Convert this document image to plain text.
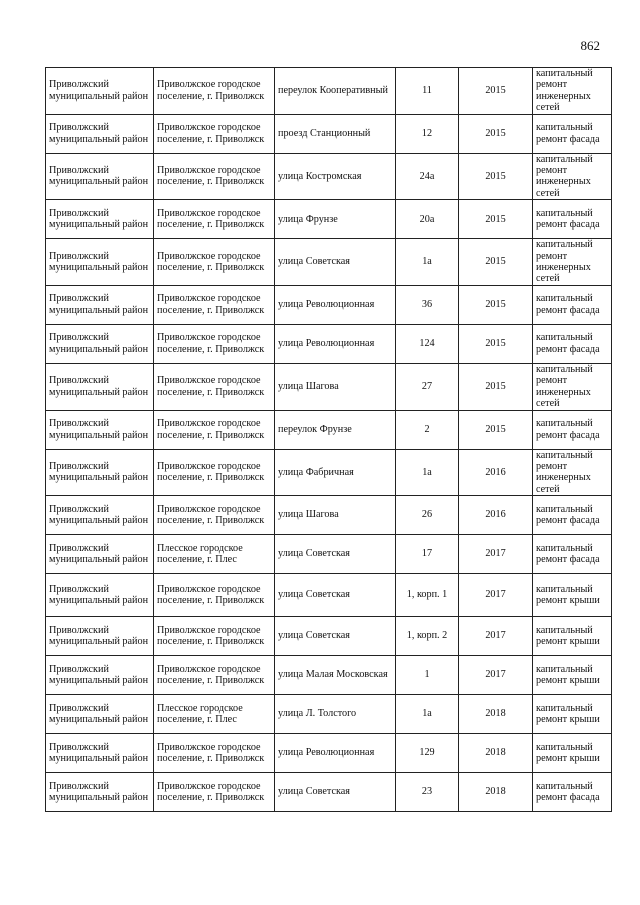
862
Приволжский муниципальный район	Приволжское городское поселение, г. Приволжск	переулок Кооперативный	11	2015	капитальный ремонт инженерных сетей
Приволжский муниципальный район	Приволжское городское поселение, г. Приволжск	проезд Станционный	12	2015	капитальный ремонт фасада
Приволжский муниципальный район	Приволжское городское поселение, г. Приволжск	улица Костромская	24а	2015	капитальный ремонт инженерных сетей
Приволжский муниципальный район	Приволжское городское поселение, г. Приволжск	улица Фрунзе	20а	2015	капитальный ремонт фасада
Приволжский муниципальный район	Приволжское городское поселение, г. Приволжск	улица Советская	1а	2015	капитальный ремонт инженерных сетей
Приволжский муниципальный район	Приволжское городское поселение, г. Приволжск	улица Революционная	36	2015	капитальный ремонт фасада
Приволжский муниципальный район	Приволжское городское поселение, г. Приволжск	улица Революционная	124	2015	капитальный ремонт фасада
Приволжский муниципальный район	Приволжское городское поселение, г. Приволжск	улица Шагова	27	2015	капитальный ремонт инженерных сетей
Приволжский муниципальный район	Приволжское городское поселение, г. Приволжск	переулок Фрунзе	2	2015	капитальный ремонт фасада
Приволжский муниципальный район	Приволжское городское поселение, г. Приволжск	улица Фабричная	1а	2016	капитальный ремонт инженерных сетей
Приволжский муниципальный район	Приволжское городское поселение, г. Приволжск	улица Шагова	26	2016	капитальный ремонт фасада
Приволжский муниципальный район	Плесское городское поселение, г. Плес	улица Советская	17	2017	капитальный ремонт фасада
Приволжский муниципальный район	Приволжское городское поселение, г. Приволжск	улица Советская	1, корп. 1	2017	капитальный ремонт крыши
Приволжский муниципальный район	Приволжское городское поселение, г. Приволжск	улица Советская	1, корп. 2	2017	капитальный ремонт крыши
Приволжский муниципальный район	Приволжское городское поселение, г. Приволжск	улица Малая Московская	1	2017	капитальный ремонт крыши
Приволжский муниципальный район	Плесское городское поселение, г. Плес	улица Л. Толстого	1а	2018	капитальный ремонт крыши
Приволжский муниципальный район	Приволжское городское поселение, г. Приволжск	улица Революционная	129	2018	капитальный ремонт крыши
Приволжский муниципальный район	Приволжское городское поселение, г. Приволжск	улица Советская	23	2018	капитальный ремонт фасада
